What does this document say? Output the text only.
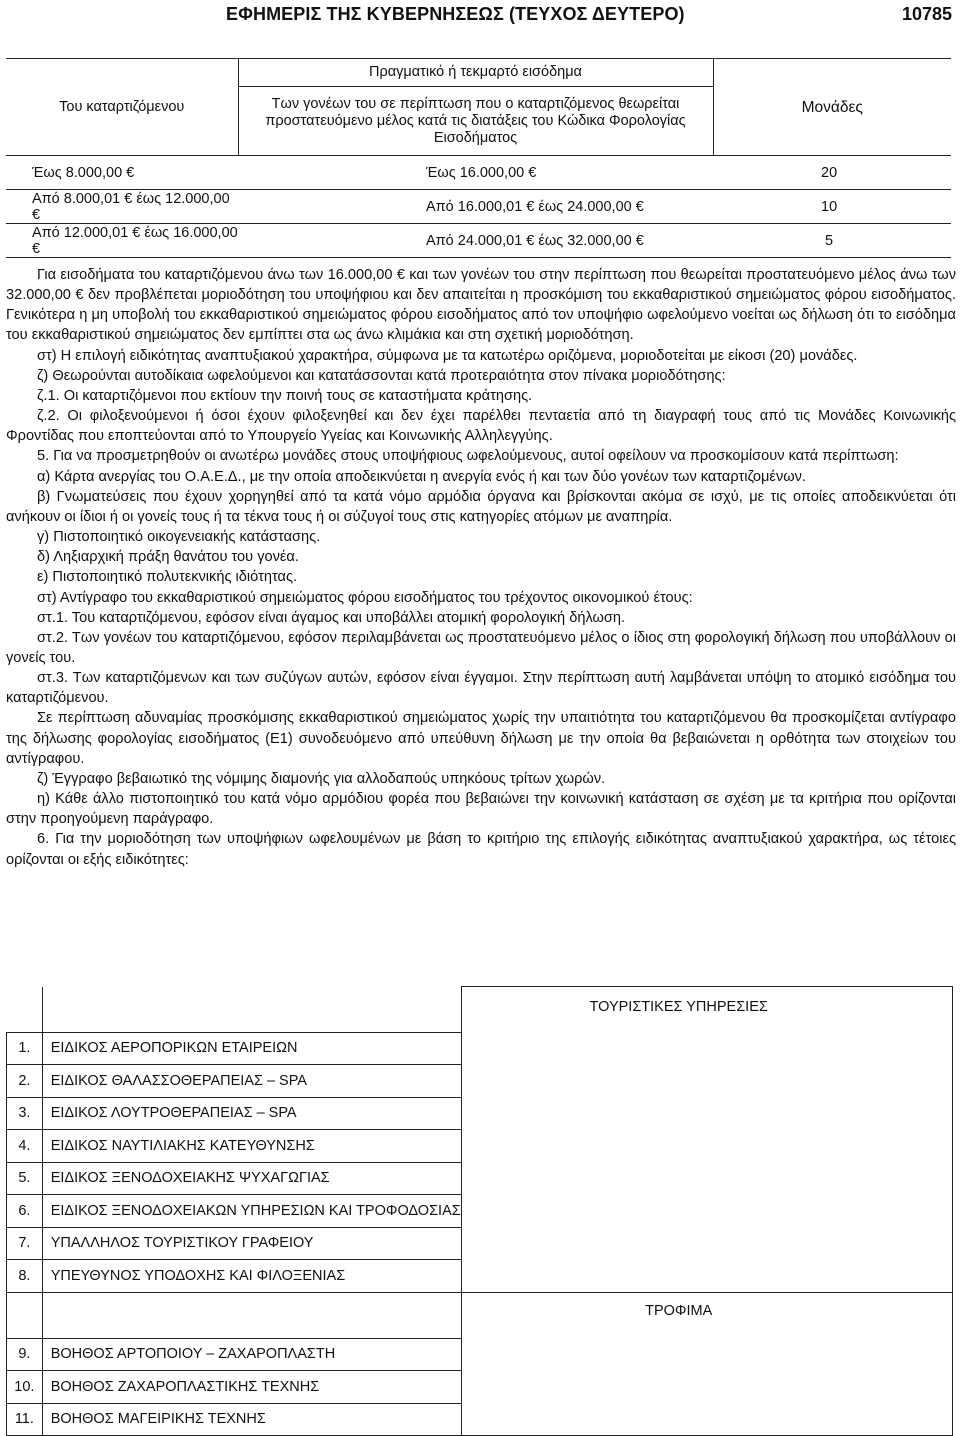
ΕΦΗΜΕΡΙΣ ΤΗΣ ΚΥΒΕΡΝΗΣΕΩΣ (ΤΕΥΧΟΣ ΔΕΥΤΕΡΟ)	10785
Του καταρτιζόμενου	Πραγματικό ή τεκμαρτό εισόδημα	Μονάδες
	Των γονέων του σε περίπτωση που ο καταρτιζόμενος θεωρείται προστατευόμενο μέλος κατά τις διατάξεις του Κώδικα Φορολογίας Εισοδήματος	
Έως 8.000,00 €	Έως 16.000,00 €	20
Από 8.000,01 € έως 12.000,00 €	Από 16.000,01 € έως 24.000,00 €	10
Από 12.000,01 € έως 16.000,00 €	Από 24.000,01 € έως 32.000,00 €	5

Για εισοδήματα του καταρτιζόμενου άνω των 16.000,00 € και των γονέων του στην περίπτωση που θεωρείται προστατευόμενο μέλος άνω των 32.000,00 € δεν προβλέπεται μοριοδότηση του υποψήφιου και δεν απαιτείται η προσκόμιση του εκκαθαριστικού σημειώματος φόρου εισοδήματος. Γενικότερα η μη υποβολή του εκκαθαριστικού σημειώματος φόρου εισοδήματος από τον υποψήφιο ωφελούμενο νοείται ως δήλωση ότι το εισόδημα του εκκαθαριστικού σημειώματος δεν εμπίπτει στα ως άνω κλιμάκια και στη σχετική μοριοδότηση.

στ) Η επιλογή ειδικότητας αναπτυξιακού χαρακτήρα, σύμφωνα με τα κατωτέρω οριζόμενα, μοριοδοτείται με είκοσι (20) μονάδες.

ζ) Θεωρούνται αυτοδίκαια ωφελούμενοι και κατατάσσονται κατά προτεραιότητα στον πίνακα μοριοδότησης:

ζ.1. Οι καταρτιζόμενοι που εκτίουν την ποινή τους σε καταστήματα κράτησης.

ζ.2. Οι φιλοξενούμενοι ή όσοι έχουν φιλοξενηθεί και δεν έχει παρέλθει πενταετία από τη διαγραφή τους από τις Μονάδες Κοινωνικής Φροντίδας που εποπτεύονται από το Υπουργείο Υγείας και Κοινωνικής Αλληλεγγύης.

5. Για να προσμετρηθούν οι ανωτέρω μονάδες στους υποψήφιους ωφελούμενους, αυτοί οφείλουν να προσκομίσουν κατά περίπτωση:

α) Κάρτα ανεργίας του Ο.Α.Ε.Δ., με την οποία αποδεικνύεται η ανεργία ενός ή και των δύο γονέων των καταρτιζομένων.

β) Γνωματεύσεις που έχουν χορηγηθεί από τα κατά νόμο αρμόδια όργανα και βρίσκονται ακόμα σε ισχύ, με τις οποίες αποδεικνύεται ότι ανήκουν οι ίδιοι ή οι γονείς τους ή τα τέκνα τους ή οι σύζυγοί τους στις κατηγορίες ατόμων με αναπηρία.

γ) Πιστοποιητικό οικογενειακής κατάστασης.

δ) Ληξιαρχική πράξη θανάτου του γονέα.

ε) Πιστοποιητικό πολυτεκνικής ιδιότητας.

στ) Αντίγραφο του εκκαθαριστικού σημειώματος φόρου εισοδήματος του τρέχοντος οικονομικού έτους:

στ.1. Του καταρτιζόμενου, εφόσον είναι άγαμος και υποβάλλει ατομική φορολογική δήλωση.

στ.2. Των γονέων του καταρτιζόμενου, εφόσον περιλαμβάνεται ως προστατευόμενο μέλος ο ίδιος στη φορολογική δήλωση που υποβάλλουν οι γονείς του.

στ.3. Των καταρτιζόμενων και των συζύγων αυτών, εφόσον είναι έγγαμοι. Στην περίπτωση αυτή λαμβάνεται υπόψη το ατομικό εισόδημα του καταρτιζόμενου.

Σε περίπτωση αδυναμίας προσκόμισης εκκαθαριστικού σημειώματος χωρίς την υπαιτιότητα του καταρτιζόμενου θα προσκομίζεται αντίγραφο της δήλωσης φορολογίας εισοδήματος (Ε1) συνοδευόμενο από υπεύθυνη δήλωση με την οποία θα βεβαιώνεται η ορθότητα των στοιχείων του αντίγραφου.

ζ) Έγγραφο βεβαιωτικό της νόμιμης διαμονής για αλλοδαπούς υπηκόους τρίτων χωρών.

η) Κάθε άλλο πιστοποιητικό του κατά νόμο αρμόδιου φορέα που βεβαιώνει την κοινωνική κατάσταση σε σχέση με τα κριτήρια που ορίζονται στην προηγούμενη παράγραφο.

6. Για την μοριοδότηση των υποψήφιων ωφελουμένων με βάση το κριτήριο της επιλογής ειδικότητας αναπτυξιακού χαρακτήρα, ως τέτοιες ορίζονται οι εξής ειδικότητες:

		ΤΟΥΡΙΣΤΙΚΕΣ ΥΠΗΡΕΣΙΕΣ
1.	ΕΙΔΙΚΟΣ ΑΕΡΟΠΟΡΙΚΩΝ ΕΤΑΙΡΕΙΩΝ	
2.	ΕΙΔΙΚΟΣ ΘΑΛΑΣΣΟΘΕΡΑΠΕΙΑΣ – SPA	
3.	ΕΙΔΙΚΟΣ ΛΟΥΤΡΟΘΕΡΑΠΕΙΑΣ – SPA	
4.	ΕΙΔΙΚΟΣ ΝΑΥΤΙΛΙΑΚΗΣ ΚΑΤΕΥΘΥΝΣΗΣ	
5.	ΕΙΔΙΚΟΣ ΞΕΝΟΔΟΧΕΙΑΚΗΣ ΨΥΧΑΓΩΓΙΑΣ	
6.	ΕΙΔΙΚΟΣ ΞΕΝΟΔΟΧΕΙΑΚΩΝ ΥΠΗΡΕΣΙΩΝ ΚΑΙ ΤΡΟΦΟΔΟΣΙΑΣ	
7.	ΥΠΑΛΛΗΛΟΣ ΤΟΥΡΙΣΤΙΚΟΥ ΓΡΑΦΕΙΟΥ	
8.	ΥΠΕΥΘΥΝΟΣ ΥΠΟΔΟΧΗΣ ΚΑΙ ΦΙΛΟΞΕΝΙΑΣ	
		ΤΡΟΦΙΜΑ
9.	ΒΟΗΘΟΣ ΑΡΤΟΠΟΙΟΥ – ΖΑΧΑΡΟΠΛΑΣΤΗ	
10.	ΒΟΗΘΟΣ ΖΑΧΑΡΟΠΛΑΣΤΙΚΗΣ ΤΕΧΝΗΣ	
11.	ΒΟΗΘΟΣ ΜΑΓΕΙΡΙΚΗΣ ΤΕΧΝΗΣ	
